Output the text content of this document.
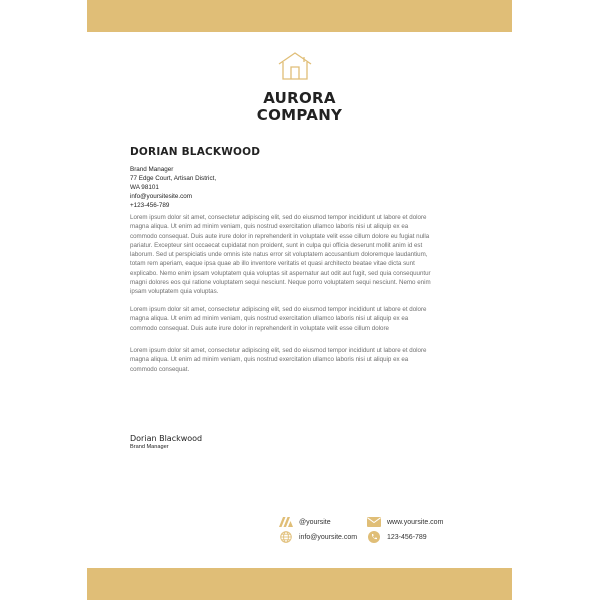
AURORA
COMPANY
DORIAN BLACKWOOD
Brand Manager
77 Edge Court, Artisan District,
WA 98101
info@yoursitesite.com
+123-456-789
Lorem ipsum dolor sit amet, consectetur adipiscing elit, sed do eiusmod tempor incididunt ut labore et dolore magna aliqua. Ut enim ad minim veniam, quis nostrud exercitation ullamco laboris nisi ut aliquip ex ea commodo consequat. Duis aute irure dolor in reprehenderit in voluptate velit esse cillum dolore eu fugiat nulla pariatur. Excepteur sint occaecat cupidatat non proident, sunt in culpa qui officia deserunt mollit anim id est laborum. Sed ut perspiciatis unde omnis iste natus error sit voluptatem accusantium doloremque laudantium, totam rem aperiam, eaque ipsa quae ab illo inventore veritatis et quasi architecto beatae vitae dicta sunt explicabo. Nemo enim ipsam voluptatem quia voluptas sit aspernatur aut odit aut fugit, sed quia consequuntur magni dolores eos qui ratione voluptatem sequi nesciunt. Neque porro voluptatem sequi nesciunt. Nemo enim ipsam voluptatem quia voluptas.
Lorem ipsum dolor sit amet, consectetur adipiscing elit, sed do eiusmod tempor incididunt ut labore et dolore magna aliqua. Ut enim ad minim veniam, quis nostrud exercitation ullamco laboris nisi ut aliquip ex ea commodo consequat. Duis aute irure dolor in reprehenderit in voluptate velit esse cillum dolore
Lorem ipsum dolor sit amet, consectetur adipiscing elit, sed do eiusmod tempor incididunt ut labore et dolore magna aliqua. Ut enim ad minim veniam, quis nostrud exercitation ullamco laboris nisi ut aliquip ex ea commodo consequat.
Dorian Blackwood
Brand Manager
@yoursite	www.yoursite.com
info@yoursite.com	123-456-789
